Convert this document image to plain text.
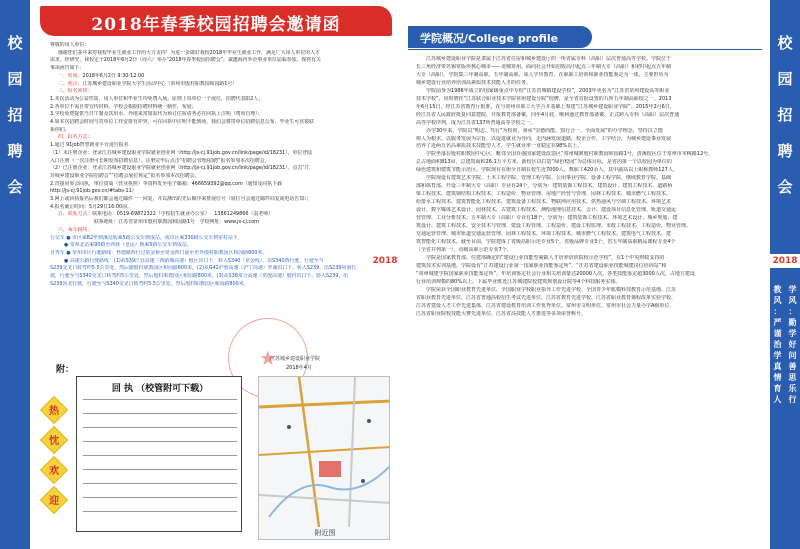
校
园
招
聘
会
2018
2018年春季校园招聘会邀请函

尊敬的用人单位：

感谢您们多年来对我校毕业生就业工作的大力支持！为进一步做好我校2018年毕业生就业工作，满足广大用人单位的人才

需求，经研究，我校定于2018年6月2日（周六）举办“2018年春季校园招聘会”，诚邀海内外企事业单位届临参加。现将有关

事项函告如下：

一、时间：2018年6月2日 9:30-12:00

二、地点：江苏城乡建设职业学院大学生活动中心（常州市殷村职教园和园路1号）

三、报名须知：

1.本次活动为公益性质，用人单位和毕业生均免费入场。原则上每单位一个展位，招聘代表限2人；

2.各单位不需自带宣传材料，学校会根据招聘材料统一制作，布展；

3.学校免费提供当日午餐及饮用水，外地来常如需代为预订住宿请务必在回执上注明（费用自理）；

4.如本次招聘会时间与贵单位工作安排有冲突，可在回执中注明不能到场，我们会将贵单位招聘信息公布，毕业生可直接联

系你们。

四、报名方式：

1.通过 91job智慧就业平台进行报名

（1）未注册企业：登录江苏城乡建设职业学院就业创业网（http://js-cj.91job.gov.cn/link/page/id/18231），单位登陆

入口注册（一次注册可长期发布招聘信息），注册完毕后点击“招聘会管理/招聘”报名参加本次招聘会。

（2）已注册企业：登录江苏城乡建设职业学院就业创业网（http://js-cj.91job.gov.cn/link/page/id/18231），点击“江

苏城乡建设职业学院招聘会”“招聘会展位预定”报名参加本次招聘会。

2.直接用参会回执，单位资质（营业执照）等资料发至电子邮箱：466659392@qq.com（通知及回执下载

http://js-cj.91job.gov.cn/#tabs-11）

3.网上或回执报名后我们都会通过邮件一一回复，并以测出的先后顺序来排展位号（展位号会通过邮件回复或电话告知）；

4.报名截止时间：5月29日16:00前。

五、联系方式：联系电话：0519-69872322（学校招生就业办公室） 13861249866（袁老师）

联系地址：江苏省常州市殷村职教园和园路1号 学校网址：www.js-cj.com

六、乘车路线：

公交车 ● 市区乘B2坐到溪站转乘5路公交车到成站，或市区乘330路公交车到常村站下。

● 常州北站乘90路至西林（皇运）换乘5路公交车到成站。

自驾车 ● 常州市区行驶路线：怀德路西行过常金桥至常金西门前至世外殷村职教园区和园路800米。

● 高速公路行驶路线：(1)从S39江宜高速（西路城高速）殷区出口下，转入S340（常金线），沿S340西行驶，行驶至与

S239交叉口转弯约5.5公里处，然后随殷村职教园区和园路800米。(2)从G42沪蓉高速（沪宁高速）罗溪出口下，转入S239，沿S239向南行

驶，行驶至与S340交叉口转弯约5公里处，然后殷村职教园区和园路800米。(3)从S38常合高速（常殷高速）殷村出口下，转入S239，沿

S239向北行驶，行驶至与S340交叉口转弯约5.5公里处，然后殷村职教园区和园路800米。

★
江苏城乡建设职业学院
2018年4月
附：
热
忱
欢
迎
回 执 （校管附可下载）
附近图
校
园
招
聘
会
2018
教
风
：
严
谨
治
学
真
情
育
人
学
风
：
勤
学
好
问
善
思
乐
行
学院概况/College profile

江苏城乡建设职业学院是隶属于江苏省住房和城乡建设厅的一所省属专科（高职）层次普通高等学校。学院位于

长三角经济带苏锡常版块核心城市——龙城常州。面向社会开始招收高中起点三年制大专（高职）和初中起点五年制

大专（高职）。学院集三年制高职、五年制高职、成人学历教育、在职职工培训和职业技能鉴定为一体，主要担负为

城乡建设行业培养培训高素质技术技能人才的任务。

学院前身为1986年成立的国家级重点中专校“江苏省城镇建设学校”，2003年更名为“江苏省常州建设高等职业

技术学校”，同时增挂“江苏联合职业技术学院常州建设分院”校牌，是全省首批设置的九所五年制高职校之一。2013

年6月15日，经江苏省教育厅批准，在与常州市职工大学合并基础上筹建“江苏城乡建设职业学院”。2015年2月6日，

经江苏省人民政府批复同意建院，并报教育部备案。同年4月底，顺利通过教育部备案，正式跨入专科（高职）层次普通

高等学校序列，成为江苏省137所普通高等学校之一。

办学30年来，学院以“明志、笃行”为校训，秉承“崇德尚能、知行合一、全面发展”的办学理念，坚持以立德

树人为根本，以服务发展为宗旨，以促进就业为导向，走内涵发展道路，校企合作，工学结合，为城乡建设事业发展

培养了近两万名高素质技术技能型人才，学生就业率一直稳定在98%以上。

学院坐落在殷村职教园中心区，毗邻全国百强国家建设改造区“常州城鼎殷村职教园和园路1号，清溪校区位于常州市木桃路12号，

总占地面积813亩，总建筑面积26.1万平方米，新校区以打造“绿色校园”为总体目标，是省内第一个以校园为单位的

绿色建筑和建筑节能示范区。学院现有在册全日制在校生近7000人，教职工420余人，其中副高以上职称教师127人。

学院现设有建筑艺术学院、土木工程学院、管理工程学院、公用事业学院、设备工程学院、继续教育学院、基础

部和体育部，开设三年制大专（高职）专业有24个，分别为：建筑装饰工程技术、建筑设计、建筑工程技术、道路桥

梁工程技术、建筑钢结构工程技术、工程造价、物业管理、房地产经营与管理、园林工程技术、城市燃气工程技术、

给排水工程技术、建筑智能化工程技术、建筑设备工程技术、物联网应用技术、供热通风与空调工程技术、环境艺术

设计、数字媒体艺术设计、园林技术、古建筑工程技术、测绘地理信息技术、会计、建设项目信息化管理、轨道交通运

营管理、工业分析技术；五年制大专（高职）专业有18个，分别为：建筑装饰工程技术、环境艺术设计、城乡规划、建

筑设计、建筑工程技术、安全技术与管理、建设工程管理、工程造价、建设工程监理、市政工程技术、工程造价、物业管理、

交通运营管理、城市轨道交通运营管理、园林工程技术、环境工程技术、城市燃气工程技术、建筑电气工程技术、建

筑智能化工程技术。截至目前，学院建成了省级高职示范专业5个，省级品牌专业3个，省五年制高职精品课程专业4个

（全省并列第一），市级高职示范专业7个。

学院是国家教育部、住建部确定的“建设行业技能型紧缺人才培养培训院校示范学校”，有1个中央财政支持的

建筑技术实训基地。学院设有“江苏建设行业第一国家职业技能鉴定所”、“江苏省建设职业技能城建岗位培训站”和

“常州城建学院国家职业技能鉴定所”。年培训鉴定社会行业相关培训量达20000人次，各类技能鉴定超3000人次，占地方建设

行业培训规模的80%以上。下属毕业班近江苏城建院校建筑规划设计院等4个科技服务实体。

学院荣获全国职业教育先进单位、全国职业学校职业指导工作先进学校、全国青少年航模科技教育示范基地、江苏

省职业教育先进单位、江苏省普通高校招生考试先进单位、江苏省教育先进学校、江苏省职业教育课程改革实验学校、

江苏省建设人才工作先进集体、江苏省建设教育培训工作优秀单位、常州市文明单位、常州市社会力量办学A级单位、

江苏省职业院校技能大赛先进单位、江苏省高技能人才推进等多项荣誉称号。
